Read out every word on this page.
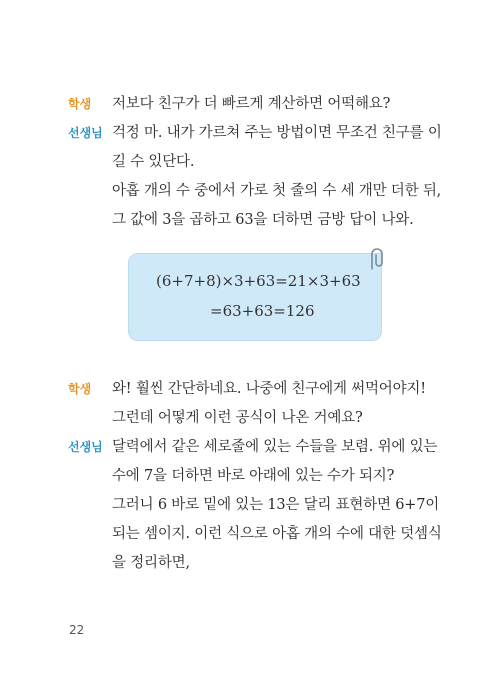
학생 저보다 친구가 더 빠르게 계산하면 어떡해요?
선생님 걱정 마. 내가 가르쳐 주는 방법이면 무조건 친구를 이
길 수 있단다.
아홉 개의 수 중에서 가로 첫 줄의 수 세 개만 더한 뒤,
그 값에 3을 곱하고 63을 더하면 금방 답이 나와.
(6+7+8)×3+63=21×3+63
=63+63=126
학생 와! 훨씬 간단하네요. 나중에 친구에게 써먹어야지!
그런데 어떻게 이런 공식이 나온 거예요?
선생님 달력에서 같은 세로줄에 있는 수들을 보렴. 위에 있는
수에 7을 더하면 바로 아래에 있는 수가 되지?
그러니 6 바로 밑에 있는 13은 달리 표현하면 6+7이
되는 셈이지. 이런 식으로 아홉 개의 수에 대한 덧셈식
을 정리하면,
22
